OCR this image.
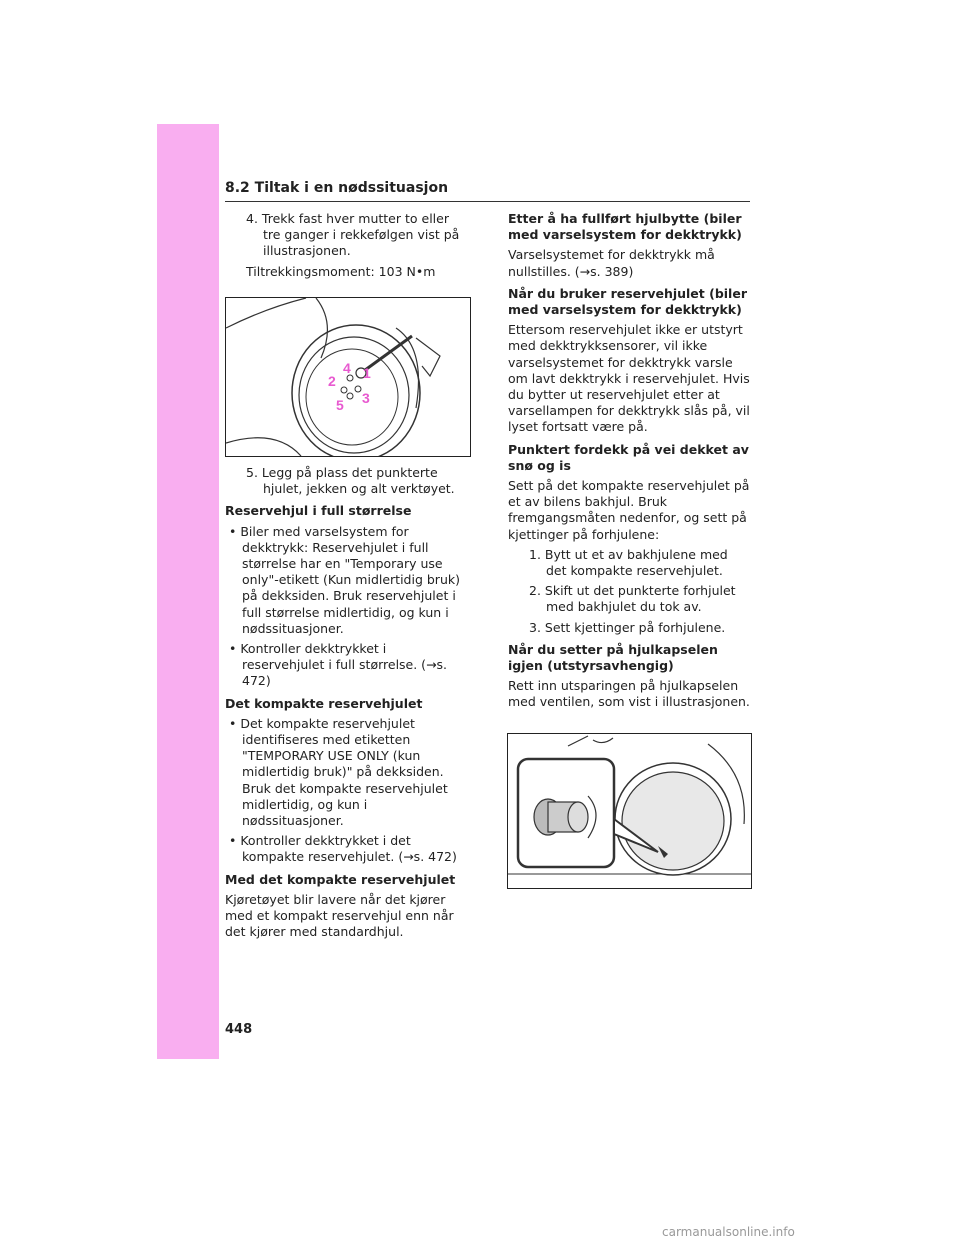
8.2 Tiltak i en nødssituasjon

4. Trekk fast hver mutter to eller tre ganger i rekkefølgen vist på illustrasjonen.

Tiltrekkingsmoment: 103 N•m

4 1
2
5 3

5. Legg på plass det punkterte hjulet, jekken og alt verktøyet.

Reservehjul i full størrelse

• Biler med varselsystem for dekktrykk: Reservehjulet i full størrelse har en "Temporary use only"-etikett (Kun midlertidig bruk) på dekksiden. Bruk reservehjulet i full størrelse midlertidig, og kun i nødssituasjoner.

• Kontroller dekktrykket i reservehjulet i full størrelse. (→s. 472)

Det kompakte reservehjulet

• Det kompakte reservehjulet identifiseres med etiketten "TEMPORARY USE ONLY (kun midlertidig bruk)" på dekksiden. Bruk det kompakte reservehjulet midlertidig, og kun i nødssituasjoner.

• Kontroller dekktrykket i det kompakte reservehjulet. (→s. 472)

Med det kompakte reservehjulet

Kjøretøyet blir lavere når det kjører med et kompakt reservehjul enn når det kjører med standardhjul.

Etter å ha fullført hjulbytte (biler med varselsystem for dekktrykk)

Varselsystemet for dekktrykk må nullstilles. (→s. 389)

Når du bruker reservehjulet (biler med varselsystem for dekktrykk)

Ettersom reservehjulet ikke er utstyrt med dekktrykksensorer, vil ikke varselsystemet for dekktrykk varsle om lavt dekktrykk i reservehjulet. Hvis du bytter ut reservehjulet etter at varsellampen for dekktrykk slås på, vil lyset fortsatt være på.

Punktert fordekk på vei dekket av snø og is

Sett på det kompakte reservehjulet på et av bilens bakhjul. Bruk fremgangsmåten nedenfor, og sett på kjettinger på forhjulene:

1. Bytt ut et av bakhjulene med det kompakte reservehjulet.

2. Skift ut det punkterte forhjulet med bakhjulet du tok av.

3. Sett kjettinger på forhjulene.

Når du setter på hjulkapselen igjen (utstyrsavhengig)

Rett inn utsparingen på hjulkapselen med ventilen, som vist i illustrasjonen.

448
carmanualsonline.info
